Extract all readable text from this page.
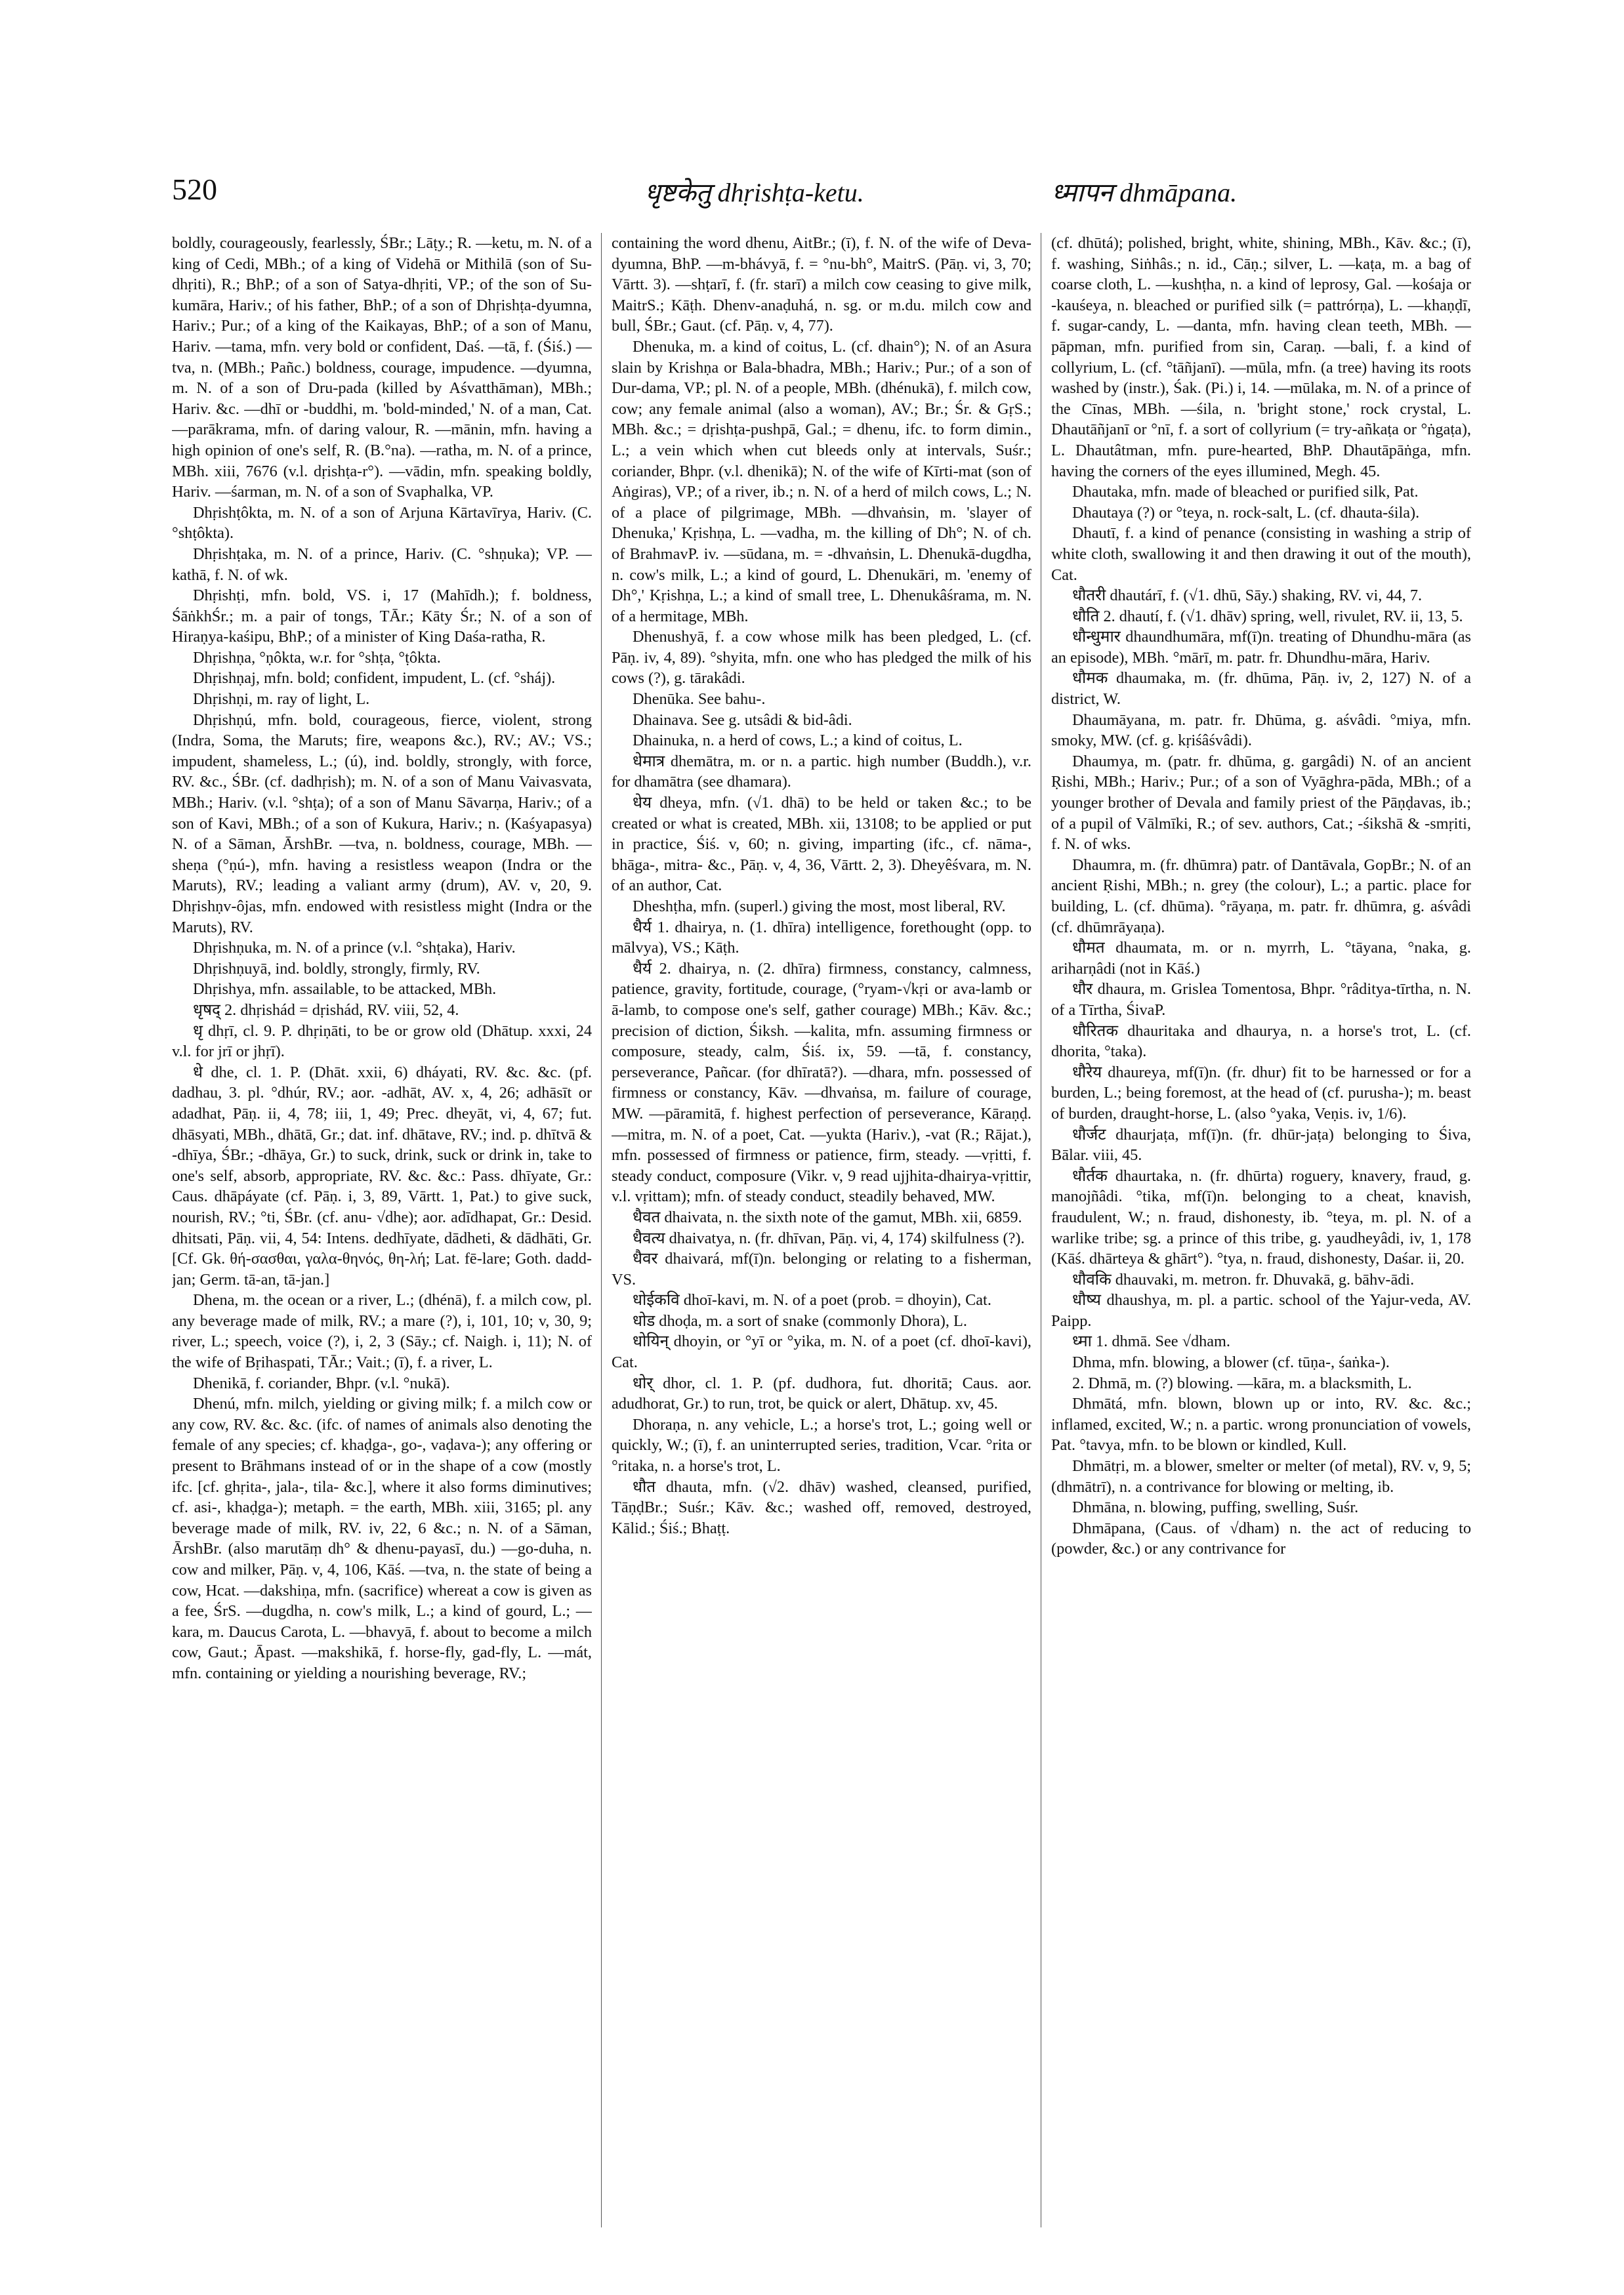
520	धृष्टकेतु dhṛishṭa-ketu.	ध्मापन dhmāpana.

boldly, courageously, fearlessly, ŚBr.; Lāṭy.; R. —ketu, m. N. of a king of Cedi, MBh.; of a king of Videhā or Mithilā (son of Su-dhṛiti), R.; BhP.; of a son of Satya-dhṛiti, VP.; of the son of Su-kumāra, Hariv.; of his father, BhP.; of a son of Dhṛishṭa-dyumna, Hariv.; Pur.; of a king of the Kaikayas, BhP.; of a son of Manu, Hariv. —tama, mfn. very bold or confident, Daś. —tā, f. (Śiś.) —tva, n. (MBh.; Pañc.) boldness, courage, impudence. —dyumna, m. N. of a son of Dru-pada (killed by Aśvatthāman), MBh.; Hariv. &c. —dhī or -buddhi, m. 'bold-minded,' N. of a man, Cat. —parākrama, mfn. of daring valour, R. —mānin, mfn. having a high opinion of one's self, R. (B.°na). —ratha, m. N. of a prince, MBh. xiii, 7676 (v.l. dṛishṭa-r°). —vādin, mfn. speaking boldly, Hariv. —śarman, m. N. of a son of Svaphalka, VP.

Dhṛishṭôkta, m. N. of a son of Arjuna Kārtavīrya, Hariv. (C. °shṭôkta).

Dhṛishṭaka, m. N. of a prince, Hariv. (C. °shṇuka); VP. —kathā, f. N. of wk.

Dhṛishṭi, mfn. bold, VS. i, 17 (Mahīdh.); f. boldness, ŚāṅkhŚr.; m. a pair of tongs, TĀr.; Kāty Śr.; N. of a son of Hiraṇya-kaśipu, BhP.; of a minister of King Daśa-ratha, R.

Dhṛishṇa, °ṇôkta, w.r. for °shṭa, °ṭôkta.

Dhṛishṇaj, mfn. bold; confident, impudent, L. (cf. °sháj).

Dhṛishṇi, m. ray of light, L.

Dhṛishṇú, mfn. bold, courageous, fierce, violent, strong (Indra, Soma, the Maruts; fire, weapons &c.), RV.; AV.; VS.; impudent, shameless, L.; (ú), ind. boldly, strongly, with force, RV. &c., ŚBr. (cf. dadhṛish); m. N. of a son of Manu Vaivasvata, MBh.; Hariv. (v.l. °shṭa); of a son of Manu Sāvarṇa, Hariv.; of a son of Kavi, MBh.; of a son of Kukura, Hariv.; n. (Kaśyapasya) N. of a Sāman, ĀrshBr. —tva, n. boldness, courage, MBh. —sheṇa (°ṇú-), mfn. having a resistless weapon (Indra or the Maruts), RV.; leading a valiant army (drum), AV. v, 20, 9. Dhṛishṇv-ôjas, mfn. endowed with resistless might (Indra or the Maruts), RV.

Dhṛishṇuka, m. N. of a prince (v.l. °shṭaka), Hariv.

Dhṛishṇuyā, ind. boldly, strongly, firmly, RV.

Dhṛishya, mfn. assailable, to be attacked, MBh.

धृषद् 2. dhṛishád = dṛishád, RV. viii, 52, 4.

धृ dhṛī, cl. 9. P. dhṛiṇāti, to be or grow old (Dhātup. xxxi, 24 v.l. for jrī or jhṛī).

धे dhe, cl. 1. P. (Dhāt. xxii, 6) dháyati, RV. &c. &c. (pf. dadhau, 3. pl. °dhúr, RV.; aor. -adhāt, AV. x, 4, 26; adhāsīt or adadhat, Pāṇ. ii, 4, 78; iii, 1, 49; Prec. dheyāt, vi, 4, 67; fut. dhāsyati, MBh., dhātā, Gr.; dat. inf. dhātave, RV.; ind. p. dhītvā & -dhīya, ŚBr.; -dhāya, Gr.) to suck, drink, suck or drink in, take to one's self, absorb, appropriate, RV. &c. &c.: Pass. dhīyate, Gr.: Caus. dhāpáyate (cf. Pāṇ. i, 3, 89, Vārtt. 1, Pat.) to give suck, nourish, RV.; °ti, ŚBr. (cf. anu- √dhe); aor. adīdhapat, Gr.: Desid. dhitsati, Pāṇ. vii, 4, 54: Intens. dedhīyate, dādheti, & dādhāti, Gr. [Cf. Gk. θή-σασθαι, γαλα-θηνός, θη-λή; Lat. fē-lare; Goth. dadd-jan; Germ. tā-an, tā-jan.]

Dhena, m. the ocean or a river, L.; (dhénā), f. a milch cow, pl. any beverage made of milk, RV.; a mare (?), i, 101, 10; v, 30, 9; river, L.; speech, voice (?), i, 2, 3 (Sāy.; cf. Naigh. i, 11); N. of the wife of Bṛihaspati, TĀr.; Vait.; (ī), f. a river, L.

Dhenikā, f. coriander, Bhpr. (v.l. °nukā).

Dhenú, mfn. milch, yielding or giving milk; f. a milch cow or any cow, RV. &c. &c. (ifc. of names of animals also denoting the female of any species; cf. khaḍga-, go-, vaḍava-); any offering or present to Brāhmans instead of or in the shape of a cow (mostly ifc. [cf. ghṛita-, jala-, tila- &c.], where it also forms diminutives; cf. asi-, khaḍga-); metaph. = the earth, MBh. xiii, 3165; pl. any beverage made of milk, RV. iv, 22, 6 &c.; n. N. of a Sāman, ĀrshBr. (also marutāṃ dh° & dhenu-payasī, du.) —go-duha, n. cow and milker, Pāṇ. v, 4, 106, Kāś. —tva, n. the state of being a cow, Hcat. —dakshiṇa, mfn. (sacrifice) whereat a cow is given as a fee, ŚrS. —dugdha, n. cow's milk, L.; a kind of gourd, L.; —kara, m. Daucus Carota, L. —bhavyā, f. about to become a milch cow, Gaut.; Āpast. —makshikā, f. horse-fly, gad-fly, L. —mát, mfn. containing or yielding a nourishing beverage, RV.;

containing the word dhenu, AitBr.; (ī), f. N. of the wife of Deva-dyumna, BhP. —m-bhávyā, f. = °nu-bh°, MaitrS. (Pāṇ. vi, 3, 70; Vārtt. 3). —shṭarī, f. (fr. starī) a milch cow ceasing to give milk, MaitrS.; Kāṭh. Dhenv-anaḍuhá, n. sg. or m.du. milch cow and bull, ŚBr.; Gaut. (cf. Pāṇ. v, 4, 77).

Dhenuka, m. a kind of coitus, L. (cf. dhain°); N. of an Asura slain by Krishṇa or Bala-bhadra, MBh.; Hariv.; Pur.; of a son of Dur-dama, VP.; pl. N. of a people, MBh. (dhénukā), f. milch cow, cow; any female animal (also a woman), AV.; Br.; Śr. & GṛS.; MBh. &c.; = dṛishṭa-pushpā, Gal.; = dhenu, ifc. to form dimin., L.; a vein which when cut bleeds only at intervals, Suśr.; coriander, Bhpr. (v.l. dhenikā); N. of the wife of Kīrti-mat (son of Aṅgiras), VP.; of a river, ib.; n. N. of a herd of milch cows, L.; N. of a place of pilgrimage, MBh. —dhvaṅsin, m. 'slayer of Dhenuka,' Kṛishṇa, L. —vadha, m. the killing of Dh°; N. of ch. of BrahmavP. iv. —sūdana, m. = -dhvaṅsin, L. Dhenukā-dugdha, n. cow's milk, L.; a kind of gourd, L. Dhenukāri, m. 'enemy of Dh°,' Kṛishṇa, L.; a kind of small tree, L. Dhenukâśrama, m. N. of a hermitage, MBh.

Dhenushyā, f. a cow whose milk has been pledged, L. (cf. Pāṇ. iv, 4, 89). °shyita, mfn. one who has pledged the milk of his cows (?), g. tārakâdi.

Dhenūka. See bahu-.

Dhainava. See g. utsâdi & bid-âdi.

Dhainuka, n. a herd of cows, L.; a kind of coitus, L.

धेमात्र dhemātra, m. or n. a partic. high number (Buddh.), v.r. for dhamātra (see dhamara).

धेय dheya, mfn. (√1. dhā) to be held or taken &c.; to be created or what is created, MBh. xii, 13108; to be applied or put in practice, Śiś. v, 60; n. giving, imparting (ifc., cf. nāma-, bhāga-, mitra- &c., Pāṇ. v, 4, 36, Vārtt. 2, 3). Dheyêśvara, m. N. of an author, Cat.

Dheshṭha, mfn. (superl.) giving the most, most liberal, RV.

धैर्य 1. dhairya, n. (1. dhīra) intelligence, forethought (opp. to mālvya), VS.; Kāṭh.

धैर्य 2. dhairya, n. (2. dhīra) firmness, constancy, calmness, patience, gravity, fortitude, courage, (°ryam-√kṛi or ava-lamb or ā-lamb, to compose one's self, gather courage) MBh.; Kāv. &c.; precision of diction, Śiksh. —kalita, mfn. assuming firmness or composure, steady, calm, Śiś. ix, 59. —tā, f. constancy, perseverance, Pañcar. (for dhīratā?). —dhara, mfn. possessed of firmness or constancy, Kāv. —dhvaṅsa, m. failure of courage, MW. —pāramitā, f. highest perfection of perseverance, Kāraṇḍ. —mitra, m. N. of a poet, Cat. —yukta (Hariv.), -vat (R.; Rājat.), mfn. possessed of firmness or patience, firm, steady. —vṛitti, f. steady conduct, composure (Vikr. v, 9 read ujjhita-dhairya-vṛittir, v.l. vṛittam); mfn. of steady conduct, steadily behaved, MW.

धैवत dhaivata, n. the sixth note of the gamut, MBh. xii, 6859.

धैवत्य dhaivatya, n. (fr. dhīvan, Pāṇ. vi, 4, 174) skilfulness (?).

धैवर dhaivará, mf(ī)n. belonging or relating to a fisherman, VS.

धोईकवि dhoī-kavi, m. N. of a poet (prob. = dhoyin), Cat.

धोड dhoḍa, m. a sort of snake (commonly Dhora), L.

धोयिन् dhoyin, or °yī or °yika, m. N. of a poet (cf. dhoī-kavi), Cat.

धोर् dhor, cl. 1. P. (pf. dudhora, fut. dhoritā; Caus. aor. adudhorat, Gr.) to run, trot, be quick or alert, Dhātup. xv, 45.

Dhoraṇa, n. any vehicle, L.; a horse's trot, L.; going well or quickly, W.; (ī), f. an uninterrupted series, tradition, Vcar. °rita or °ritaka, n. a horse's trot, L.

धौत dhauta, mfn. (√2. dhāv) washed, cleansed, purified, TāṇḍBr.; Suśr.; Kāv. &c.; washed off, removed, destroyed, Kālid.; Śiś.; Bhaṭṭ.

(cf. dhūtá); polished, bright, white, shining, MBh., Kāv. &c.; (ī), f. washing, Siṅhâs.; n. id., Cāṇ.; silver, L. —kaṭa, m. a bag of coarse cloth, L. —kushṭha, n. a kind of leprosy, Gal. —kośaja or -kauśeya, n. bleached or purified silk (= pattrórṇa), L. —khaṇḍī, f. sugar-candy, L. —danta, mfn. having clean teeth, MBh. —pāpman, mfn. purified from sin, Caraṇ. —bali, f. a kind of collyrium, L. (cf. °tāñjanī). —mūla, mfn. (a tree) having its roots washed by (instr.), Śak. (Pi.) i, 14. —mūlaka, m. N. of a prince of the Cīnas, MBh. —śila, n. 'bright stone,' rock crystal, L. Dhautāñjanī or °nī, f. a sort of collyrium (= try-añkaṭa or °ṅgaṭa), L. Dhautâtman, mfn. pure-hearted, BhP. Dhautāpāṅga, mfn. having the corners of the eyes illumined, Megh. 45.

Dhautaka, mfn. made of bleached or purified silk, Pat.

Dhautaya (?) or °teya, n. rock-salt, L. (cf. dhauta-śila).

Dhautī, f. a kind of penance (consisting in washing a strip of white cloth, swallowing it and then drawing it out of the mouth), Cat.

धौतरी dhautárī, f. (√1. dhū, Sāy.) shaking, RV. vi, 44, 7.

धौति 2. dhautí, f. (√1. dhāv) spring, well, rivulet, RV. ii, 13, 5.

धौन्धुमार dhaundhumāra, mf(ī)n. treating of Dhundhu-māra (as an episode), MBh. °mārī, m. patr. fr. Dhundhu-māra, Hariv.

धौमक dhaumaka, m. (fr. dhūma, Pāṇ. iv, 2, 127) N. of a district, W.

Dhaumāyana, m. patr. fr. Dhūma, g. aśvâdi. °miya, mfn. smoky, MW. (cf. g. kṛiśâśvâdi).

Dhaumya, m. (patr. fr. dhūma, g. gargâdi) N. of an ancient Ṛishi, MBh.; Hariv.; Pur.; of a son of Vyāghra-pāda, MBh.; of a younger brother of Devala and family priest of the Pāṇḍavas, ib.; of a pupil of Vālmīki, R.; of sev. authors, Cat.; -śikshā & -smṛiti, f. N. of wks.

Dhaumra, m. (fr. dhūmra) patr. of Dantāvala, GopBr.; N. of an ancient Ṛishi, MBh.; n. grey (the colour), L.; a partic. place for building, L. (cf. dhūma). °rāyaṇa, m. patr. fr. dhūmra, g. aśvâdi (cf. dhūmrāyaṇa).

धौमत dhaumata, m. or n. myrrh, L. °tāyana, °naka, g. ariharṇâdi (not in Kāś.)

धौर dhaura, m. Grislea Tomentosa, Bhpr. °râditya-tīrtha, n. N. of a Tīrtha, ŚivaP.

धौरितक dhauritaka and dhaurya, n. a horse's trot, L. (cf. dhorita, °taka).

धौरेय dhaureya, mf(ī)n. (fr. dhur) fit to be harnessed or for a burden, L.; being foremost, at the head of (cf. purusha-); m. beast of burden, draught-horse, L. (also °yaka, Veṇis. iv, 1/6).

धौर्जट dhaurjaṭa, mf(ī)n. (fr. dhūr-jaṭa) belonging to Śiva, Bālar. viii, 45.

धौर्तक dhaurtaka, n. (fr. dhūrta) roguery, knavery, fraud, g. manojñâdi. °tika, mf(ī)n. belonging to a cheat, knavish, fraudulent, W.; n. fraud, dishonesty, ib. °teya, m. pl. N. of a warlike tribe; sg. a prince of this tribe, g. yaudheyâdi, iv, 1, 178 (Kāś. dhārteya & ghārt°). °tya, n. fraud, dishonesty, Daśar. ii, 20.

धौवकि dhauvaki, m. metron. fr. Dhuvakā, g. bāhv-ādi.

धौष्य dhaushya, m. pl. a partic. school of the Yajur-veda, AV. Paipp.

ध्मा 1. dhmā. See √dham.

Dhma, mfn. blowing, a blower (cf. tūṇa-, śaṅka-).

2. Dhmā, m. (?) blowing. —kāra, m. a blacksmith, L.

Dhmātá, mfn. blown, blown up or into, RV. &c. &c.; inflamed, excited, W.; n. a partic. wrong pronunciation of vowels, Pat. °tavya, mfn. to be blown or kindled, Kull.

Dhmātṛi, m. a blower, smelter or melter (of metal), RV. v, 9, 5; (dhmātrī), n. a contrivance for blowing or melting, ib.

Dhmāna, n. blowing, puffing, swelling, Suśr.

Dhmāpana, (Caus. of √dham) n. the act of reducing to (powder, &c.) or any contrivance for
